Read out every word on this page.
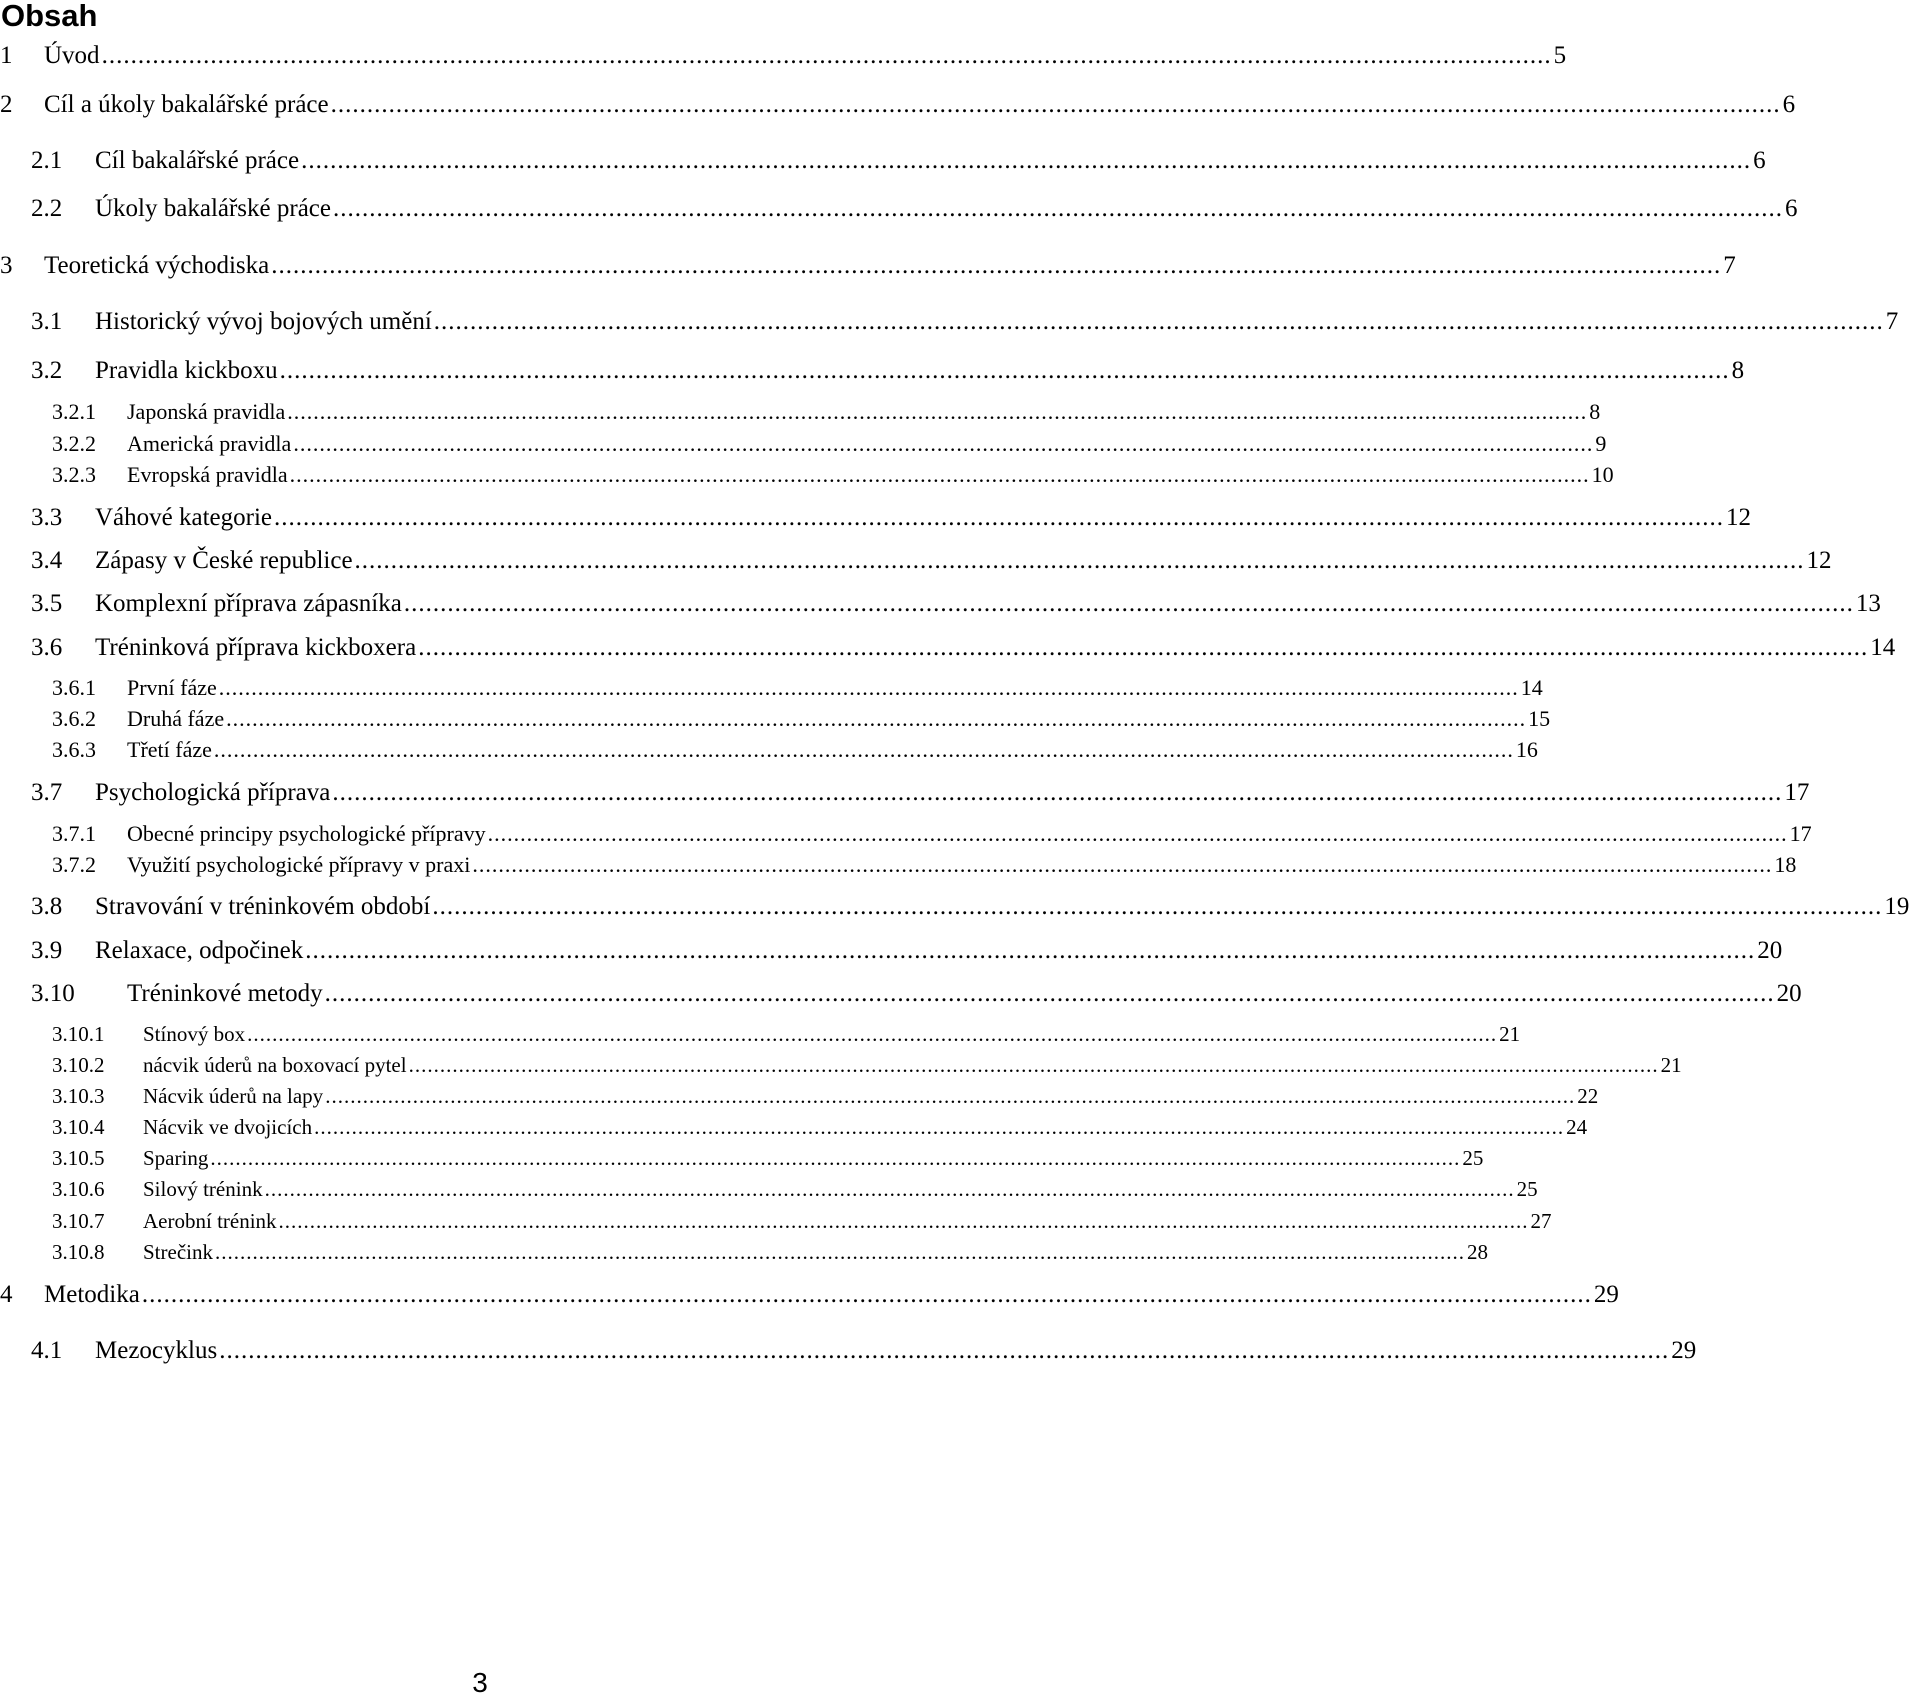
Obsah
1	Úvod ........................................................................................................................................................................................................ 5
2	Cíl a úkoly bakalářské práce ........................................................................................................................................................................................................ 6
2.1	Cíl bakalářské práce ........................................................................................................................................................................................................ 6
2.2	Úkoly bakalářské práce ........................................................................................................................................................................................................ 6
3	Teoretická východiska ........................................................................................................................................................................................................ 7
3.1	Historický vývoj bojových umění ........................................................................................................................................................................................................ 7
3.2	Pravidla kickboxu ........................................................................................................................................................................................................ 8
3.2.1	Japonská pravidla ........................................................................................................................................................................................................ 8
3.2.2	Americká pravidla ........................................................................................................................................................................................................ 9
3.2.3	Evropská pravidla ........................................................................................................................................................................................................ 10
3.3	Váhové kategorie ........................................................................................................................................................................................................ 12
3.4	Zápasy v České republice ........................................................................................................................................................................................................ 12
3.5	Komplexní příprava zápasníka ........................................................................................................................................................................................................ 13
3.6	Tréninková příprava kickboxera ........................................................................................................................................................................................................ 14
3.6.1	První fáze ........................................................................................................................................................................................................ 14
3.6.2	Druhá fáze ........................................................................................................................................................................................................ 15
3.6.3	Třetí fáze ........................................................................................................................................................................................................ 16
3.7	Psychologická příprava ........................................................................................................................................................................................................ 17
3.7.1	Obecné principy psychologické přípravy ........................................................................................................................................................................................................ 17
3.7.2	Využití psychologické přípravy v praxi ........................................................................................................................................................................................................ 18
3.8	Stravování v tréninkovém období ........................................................................................................................................................................................................ 19
3.9	Relaxace, odpočinek ........................................................................................................................................................................................................ 20
3.10	Tréninkové metody ........................................................................................................................................................................................................ 20
3.10.1	Stínový box ........................................................................................................................................................................................................ 21
3.10.2	nácvik úderů na boxovací pytel ........................................................................................................................................................................................................ 21
3.10.3	Nácvik úderů na lapy ........................................................................................................................................................................................................ 22
3.10.4	Nácvik ve dvojicích ........................................................................................................................................................................................................ 24
3.10.5	Sparing ........................................................................................................................................................................................................ 25
3.10.6	Silový trénink ........................................................................................................................................................................................................ 25
3.10.7	Aerobní trénink ........................................................................................................................................................................................................ 27
3.10.8	Strečink ........................................................................................................................................................................................................ 28
4	Metodika ........................................................................................................................................................................................................ 29
4.1	Mezocyklus ........................................................................................................................................................................................................ 29
3
